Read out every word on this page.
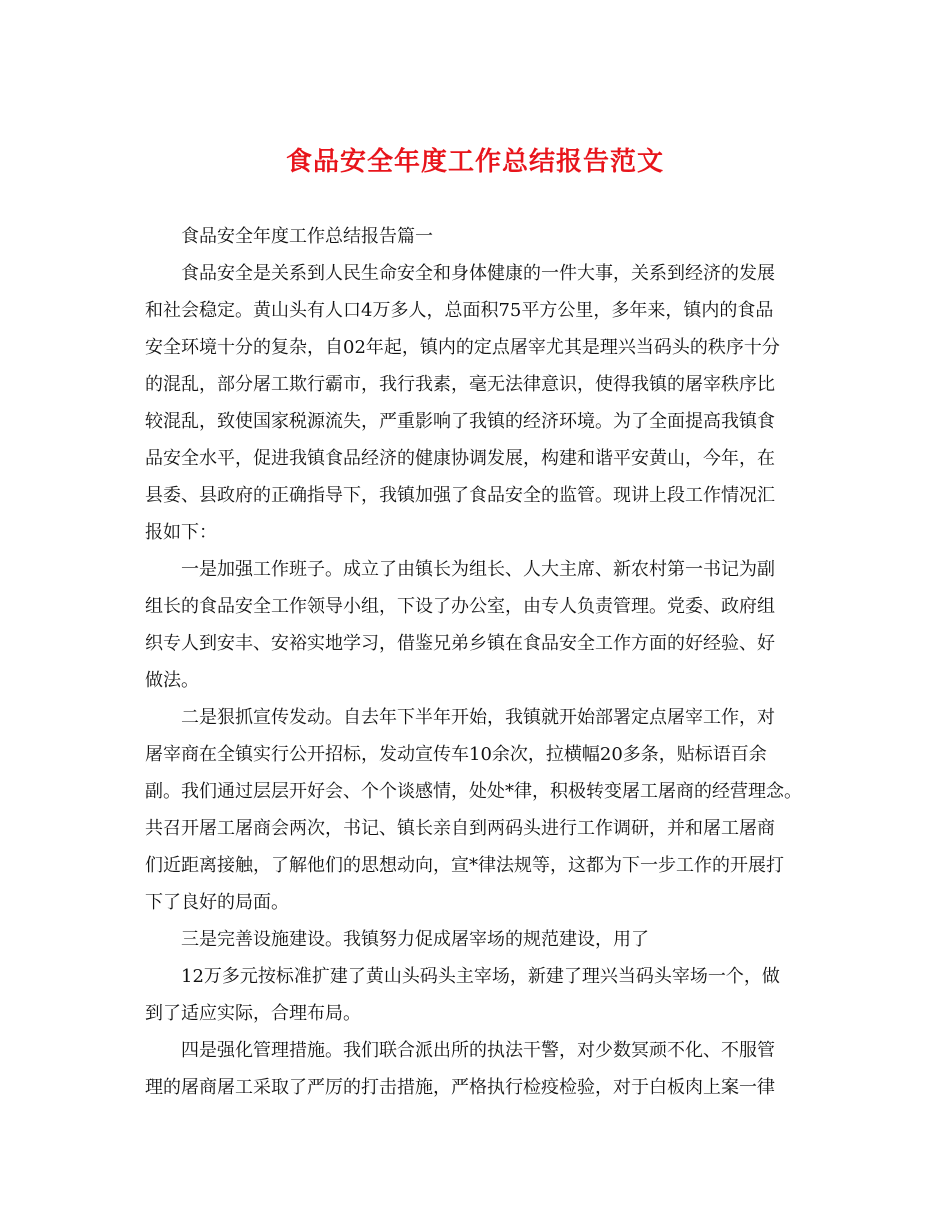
食品安全年度工作总结报告范文
食品安全年度工作总结报告篇一
食品安全是关系到人民生命安全和身体健康的一件大事，关系到经济的发展
和社会稳定。黄山头有人口4万多人，总面积75平方公里，多年来，镇内的食品
安全环境十分的复杂，自02年起，镇内的定点屠宰尤其是理兴当码头的秩序十分
的混乱，部分屠工欺行霸市，我行我素，毫无法律意识，使得我镇的屠宰秩序比
较混乱，致使国家税源流失，严重影响了我镇的经济环境。为了全面提高我镇食
品安全水平，促进我镇食品经济的健康协调发展，构建和谐平安黄山，今年，在
县委、县政府的正确指导下，我镇加强了食品安全的监管。现讲上段工作情况汇
报如下：
一是加强工作班子。成立了由镇长为组长、人大主席、新农村第一书记为副
组长的食品安全工作领导小组，下设了办公室，由专人负责管理。党委、政府组
织专人到安丰、安裕实地学习，借鉴兄弟乡镇在食品安全工作方面的好经验、好
做法。
二是狠抓宣传发动。自去年下半年开始，我镇就开始部署定点屠宰工作，对
屠宰商在全镇实行公开招标，发动宣传车10余次，拉横幅20多条，贴标语百余
副。我们通过层层开好会、个个谈感情，处处*律，积极转变屠工屠商的经营理念。
共召开屠工屠商会两次，书记、镇长亲自到两码头进行工作调研，并和屠工屠商
们近距离接触，了解他们的思想动向，宣*律法规等，这都为下一步工作的开展打
下了良好的局面。
三是完善设施建设。我镇努力促成屠宰场的规范建设，用了
12万多元按标准扩建了黄山头码头主宰场，新建了理兴当码头宰场一个，做
到了适应实际，合理布局。
四是强化管理措施。我们联合派出所的执法干警，对少数冥顽不化、不服管
理的屠商屠工采取了严厉的打击措施，严格执行检疫检验，对于白板肉上案一律
